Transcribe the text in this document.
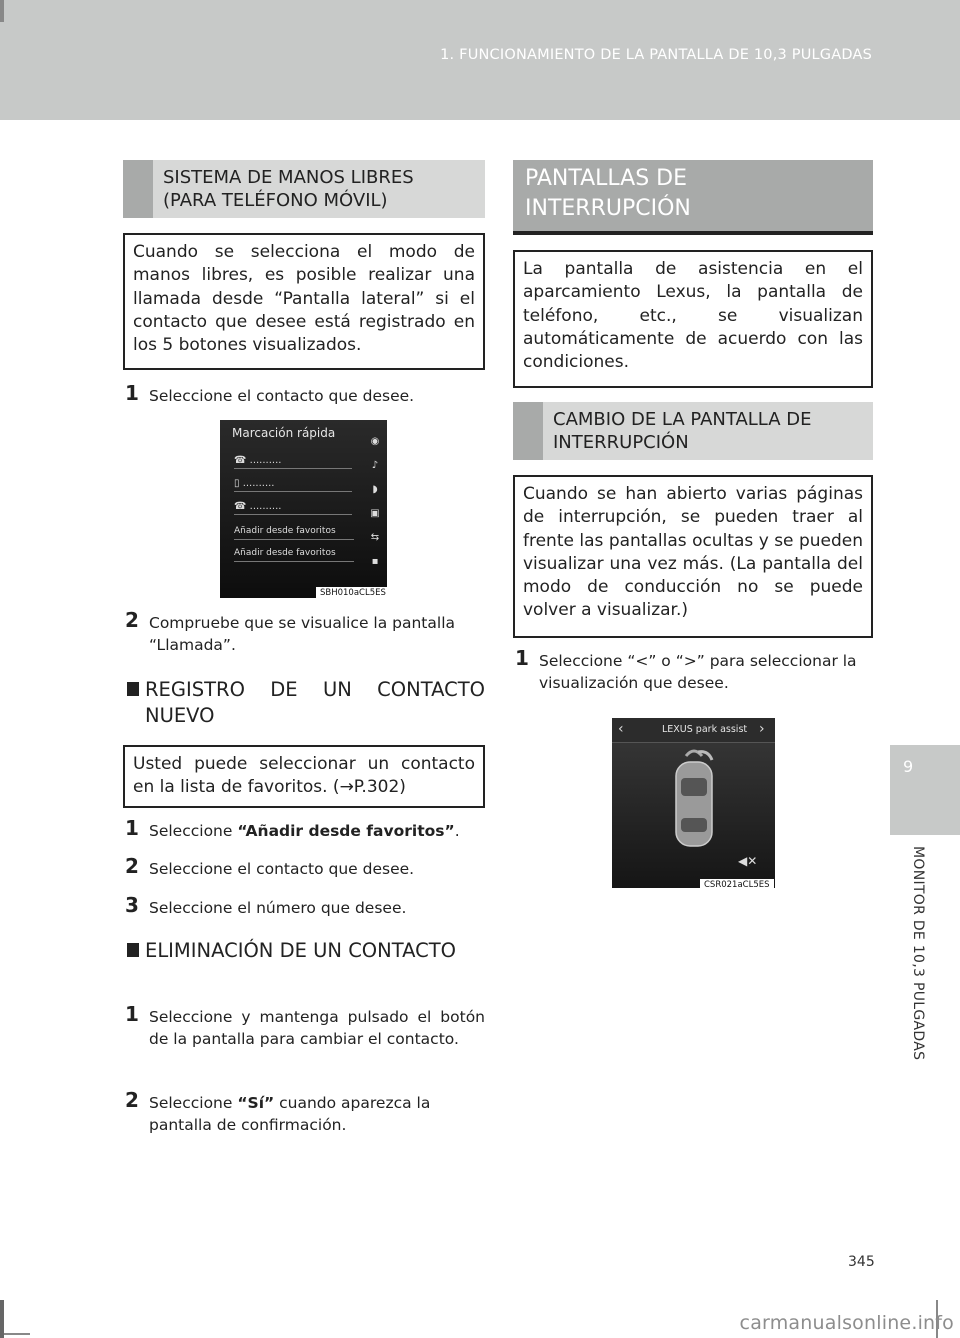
1. FUNCIONAMIENTO DE LA PANTALLA DE 10,3 PULGADAS
9
MONITOR DE 10,3 PULGADAS
SISTEMA DE MANOS LIBRES
(PARA TELÉFONO MÓVIL)
Cuando se selecciona el modo de manos libres, es posible realizar una llamada desde “Pantalla lateral” si el contacto que desee está registrado en los 5 botones visualizados.
1 Seleccione el contacto que desee.
Marcación rápida
◉
♪
◗
▣
⇆
▪
☎ ..........
▯ ..........
☎ ..........
Añadir desde favoritos
Añadir desde favoritos
SBH010aCL5ES
2 Compruebe que se visualice la pantalla “Llamada”.
REGISTRO DE UN CONTACTO NUEVO
Usted puede seleccionar un contacto en la lista de favoritos. (→P.302)
1 Seleccione “Añadir desde favoritos”.
2 Seleccione el contacto que desee.
3 Seleccione el número que desee.
ELIMINACIÓN DE UN CONTACTO
1 Seleccione y mantenga pulsado el botón de la pantalla para cambiar el contacto.
2 Seleccione “Sí” cuando aparezca la pantalla de confirmación.
PANTALLAS DE
INTERRUPCIÓN
La pantalla de asistencia en el aparcamiento Lexus, la pantalla de teléfono, etc., se visualizan automáticamente de acuerdo con las condiciones.
CAMBIO DE LA PANTALLA DE
INTERRUPCIÓN
Cuando se han abierto varias páginas de interrupción, se pueden traer al frente las pantallas ocultas y se pueden visualizar una vez más. (La pantalla del modo de conducción no se puede volver a visualizar.)
1 Seleccione “<” o “>” para seleccionar la visualización que desee.
‹	LEXUS park assist ›
◀✕
CSR021aCL5ES
345
carmanualsonline.info
